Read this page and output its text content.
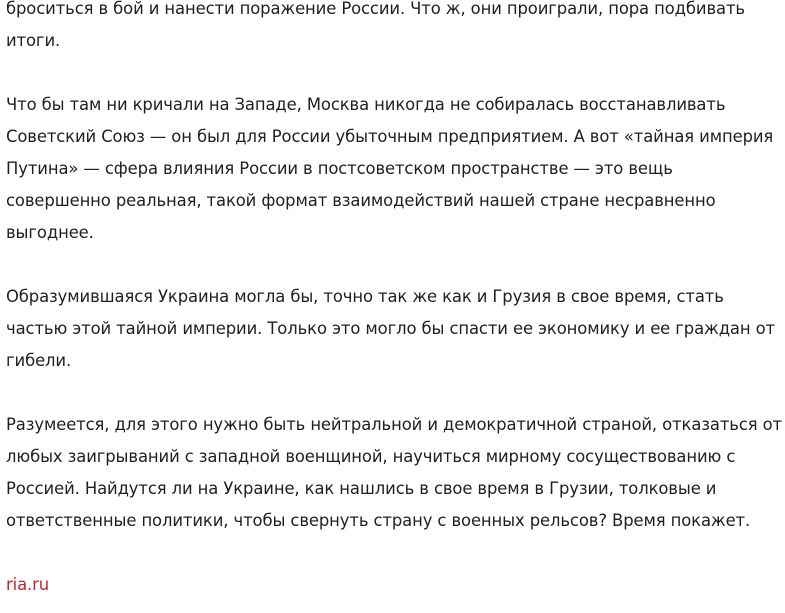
броситься в бой и нанести поражение России. Что ж, они проиграли, пора подбивать итоги.

Что бы там ни кричали на Западе, Москва никогда не собиралась восстанавливать Советский Союз — он был для России убыточным предприятием. А вот «тайная империя Путина» — сфера влияния России в постсоветском пространстве — это вещь совершенно реальная, такой формат взаимодействий нашей стране несравненно выгоднее.

Образумившаяся Украина могла бы, точно так же как и Грузия в свое время, стать частью этой тайной империи. Только это могло бы спасти ее экономику и ее граждан от гибели.

Разумеется, для этого нужно быть нейтральной и демократичной страной, отказаться от любых заигрываний с западной военщиной, научиться мирному сосуществованию с Россией. Найдутся ли на Украине, как нашлись в свое время в Грузии, толковые и ответственные политики, чтобы свернуть страну с военных рельсов? Время покажет.

ria.ru
